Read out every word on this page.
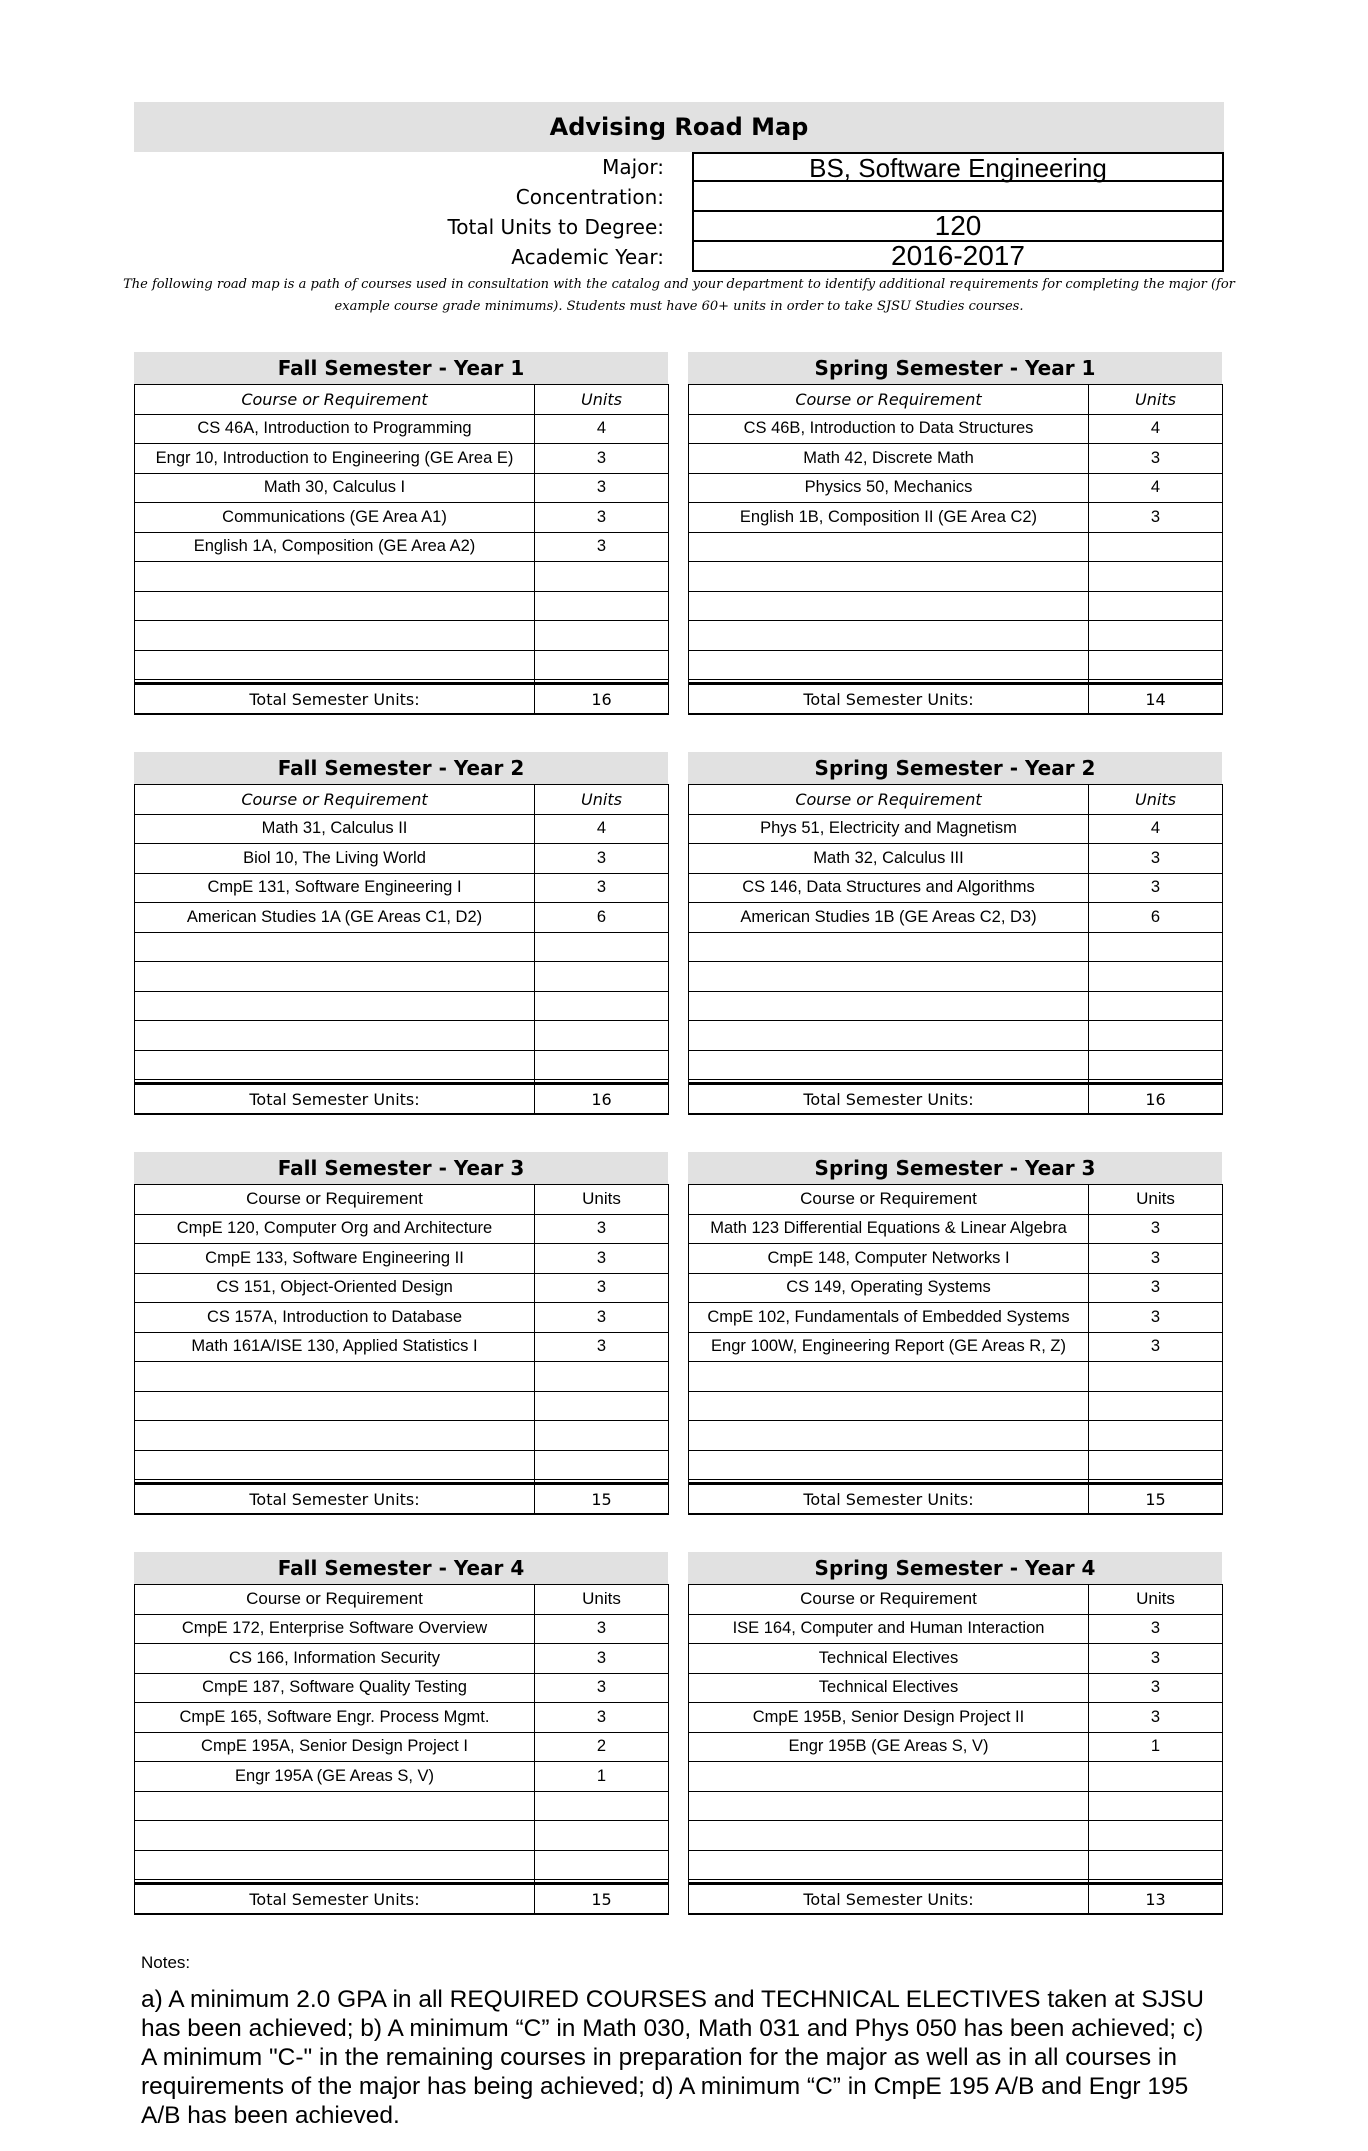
Advising Road Map
Major:	BS, Software Engineering
Concentration:
Total Units to Degree:	120
Academic Year:	2016-2017
The following road map is a path of courses used in consultation with the catalog and your department to identify additional requirements for completing the major (for example course grade minimums). Students must have 60+ units in order to take SJSU Studies courses.
Fall Semester - Year 1
Course or Requirement	Units
CS 46A, Introduction to Programming	4
Engr 10, Introduction to Engineering (GE Area E)	3
Math 30, Calculus I	3
Communications (GE Area A1)	3
English 1A, Composition (GE Area A2)	3

Total Semester Units:	16
Spring Semester - Year 1
Course or Requirement	Units
CS 46B, Introduction to Data Structures	4
Math 42, Discrete Math	3
Physics 50, Mechanics	4
English 1B, Composition II (GE Area C2)	3

Total Semester Units:	14
Fall Semester - Year 2
Course or Requirement	Units
Math 31, Calculus II	4
Biol 10, The Living World	3
CmpE 131, Software Engineering I	3
American Studies 1A (GE Areas C1, D2)	6

Total Semester Units:	16
Spring Semester - Year 2
Course or Requirement	Units
Phys 51, Electricity and Magnetism	4
Math 32, Calculus III	3
CS 146, Data Structures and Algorithms	3
American Studies 1B (GE Areas C2, D3)	6

Total Semester Units:	16
Fall Semester - Year 3
Course or Requirement	Units
CmpE 120, Computer Org and Architecture	3
CmpE 133, Software Engineering II	3
CS 151, Object-Oriented Design	3
CS 157A, Introduction to Database	3
Math 161A/ISE 130, Applied Statistics I	3

Total Semester Units:	15
Spring Semester - Year 3
Course or Requirement	Units
Math 123 Differential Equations & Linear Algebra	3
CmpE 148, Computer Networks I	3
CS 149, Operating Systems	3
CmpE 102, Fundamentals of Embedded Systems	3
Engr 100W, Engineering Report (GE Areas R, Z)	3

Total Semester Units:	15
Fall Semester - Year 4
Course or Requirement	Units
CmpE 172, Enterprise Software Overview	3
CS 166, Information Security	3
CmpE 187, Software Quality Testing	3
CmpE 165, Software Engr. Process Mgmt.	3
CmpE 195A, Senior Design Project I	2
Engr 195A (GE Areas S, V)	1

Total Semester Units:	15
Spring Semester - Year 4
Course or Requirement	Units
ISE 164, Computer and Human Interaction	3
Technical Electives	3
Technical Electives	3
CmpE 195B, Senior Design Project II	3
Engr 195B (GE Areas S, V)	1

Total Semester Units:	13
Notes:
a) A minimum 2.0 GPA in all REQUIRED COURSES and TECHNICAL ELECTIVES taken at SJSU has been achieved; b) A minimum “C” in Math 030, Math 031 and Phys 050 has been achieved; c) A minimum "C-" in the remaining courses in preparation for the major as well as in all courses in requirements of the major has being achieved; d) A minimum “C” in CmpE 195 A/B and Engr 195 A/B has been achieved.
